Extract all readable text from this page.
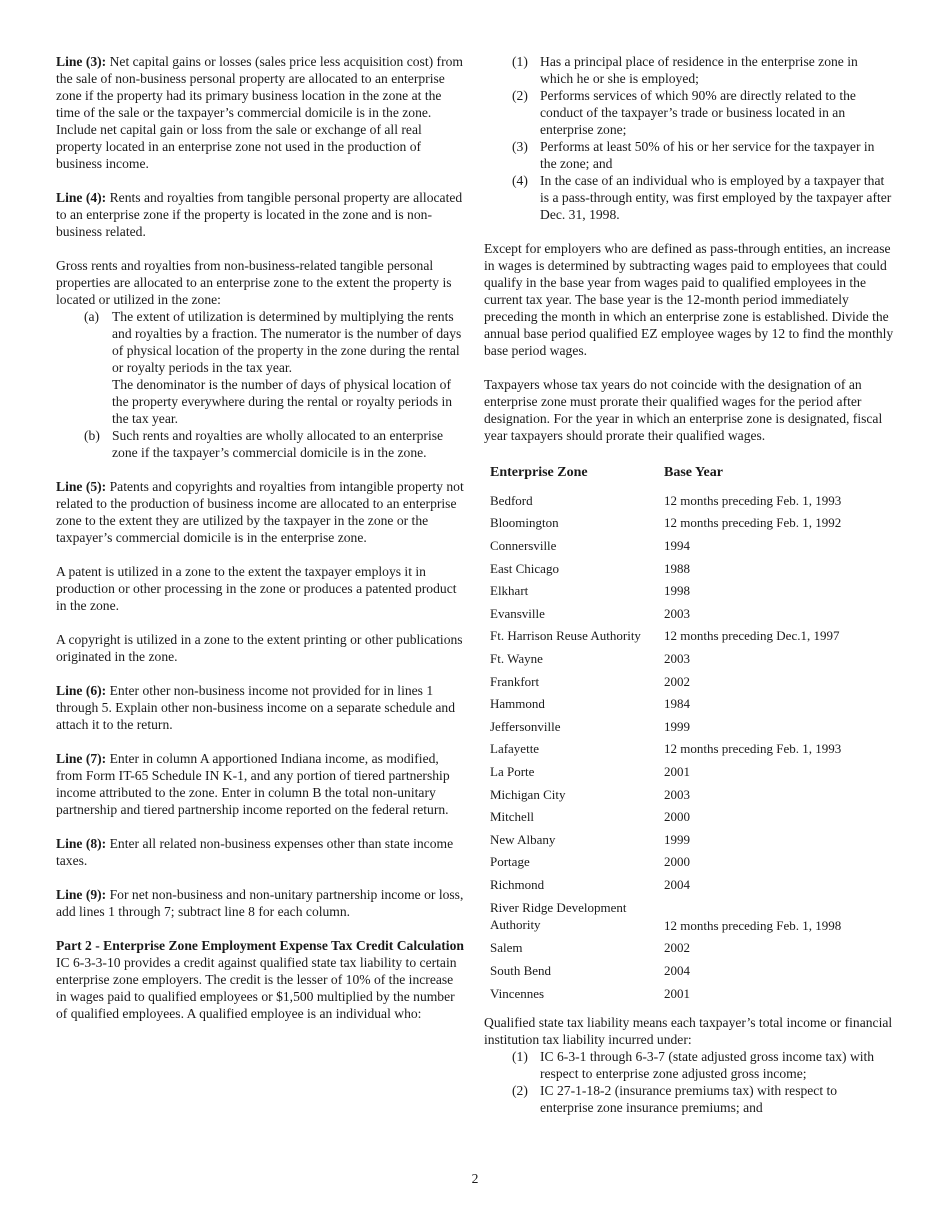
Line (3): Net capital gains or losses (sales price less acquisition cost) from the sale of non-business personal property are allocated to an enterprise zone if the property had its primary business location in the zone at the time of the sale or the taxpayer’s commercial domicile is in the zone. Include net capital gain or loss from the sale or exchange of all real property located in an enterprise zone not used in the production of business income.

Line (4): Rents and royalties from tangible personal property are allocated to an enterprise zone if the property is located in the zone and is non-business related.

Gross rents and royalties from non-business-related tangible personal properties are allocated to an enterprise zone to the extent the property is located or utilized in the zone:

(a) The extent of utilization is determined by multiplying the rents and royalties by a fraction. The numerator is the number of days of physical location of the property in the zone during the rental or royalty periods in the tax year.
The denominator is the number of days of physical location of the property everywhere during the rental or royalty periods in the tax year.
(b) Such rents and royalties are wholly allocated to an enterprise zone if the taxpayer’s commercial domicile is in the zone.

Line (5): Patents and copyrights and royalties from intangible property not related to the production of business income are allocated to an enterprise zone to the extent they are utilized by the taxpayer in the zone or the taxpayer’s commercial domicile is in the enterprise zone.

A patent is utilized in a zone to the extent the taxpayer employs it in production or other processing in the zone or produces a patented product in the zone.

A copyright is utilized in a zone to the extent printing or other publications originated in the zone.

Line (6): Enter other non-business income not provided for in lines 1 through 5. Explain other non-business income on a separate schedule and attach it to the return.

Line (7): Enter in column A apportioned Indiana income, as modified, from Form IT-65 Schedule IN K-1, and any portion of tiered partnership income attributed to the zone. Enter in column B the total non-unitary partnership and tiered partnership income reported on the federal return.

Line (8): Enter all related non-business expenses other than state income taxes.

Line (9): For net non-business and non-unitary partnership income or loss, add lines 1 through 7; subtract line 8 for each column.

Part 2 - Enterprise Zone Employment Expense Tax Credit Calculation

IC 6-3-3-10 provides a credit against qualified state tax liability to certain enterprise zone employers. The credit is the lesser of 10% of the increase in wages paid to qualified employees or $1,500 multiplied by the number of qualified employees. A qualified employee is an individual who:

(1) Has a principal place of residence in the enterprise zone in which he or she is employed;
(2) Performs services of which 90% are directly related to the conduct of the taxpayer’s trade or business located in an enterprise zone;
(3) Performs at least 50% of his or her service for the taxpayer in the zone; and
(4) In the case of an individual who is employed by a taxpayer that is a pass-through entity, was first employed by the taxpayer after Dec. 31, 1998.

Except for employers who are defined as pass-through entities, an increase in wages is determined by subtracting wages paid to employees that could qualify in the base year from wages paid to qualified employees in the current tax year. The base year is the 12-month period immediately preceding the month in which an enterprise zone is established. Divide the annual base period qualified EZ employee wages by 12 to find the monthly base period wages.

Taxpayers whose tax years do not coincide with the designation of an enterprise zone must prorate their qualified wages for the period after designation. For the year in which an enterprise zone is designated, fiscal year taxpayers should prorate their qualified wages.

Enterprise Zone	Base Year
Bedford	12 months preceding Feb. 1, 1993
Bloomington	12 months preceding Feb. 1, 1992
Connersville	1994
East Chicago	1988
Elkhart	1998
Evansville	2003
Ft. Harrison Reuse Authority	12 months preceding Dec.1, 1997
Ft. Wayne	2003
Frankfort	2002
Hammond	1984
Jeffersonville	1999
Lafayette	12 months preceding Feb. 1, 1993
La Porte	2001
Michigan City	2003
Mitchell	2000
New Albany	1999
Portage	2000
Richmond	2004
River Ridge Development Authority	12 months preceding Feb. 1, 1998
Salem	2002
South Bend	2004
Vincennes	2001

Qualified state tax liability means each taxpayer’s total income or financial institution tax liability incurred under:

(1) IC 6-3-1 through 6-3-7 (state adjusted gross income tax) with respect to enterprise zone adjusted gross income;
(2) IC 27-1-18-2 (insurance premiums tax) with respect to enterprise zone insurance premiums; and
2
